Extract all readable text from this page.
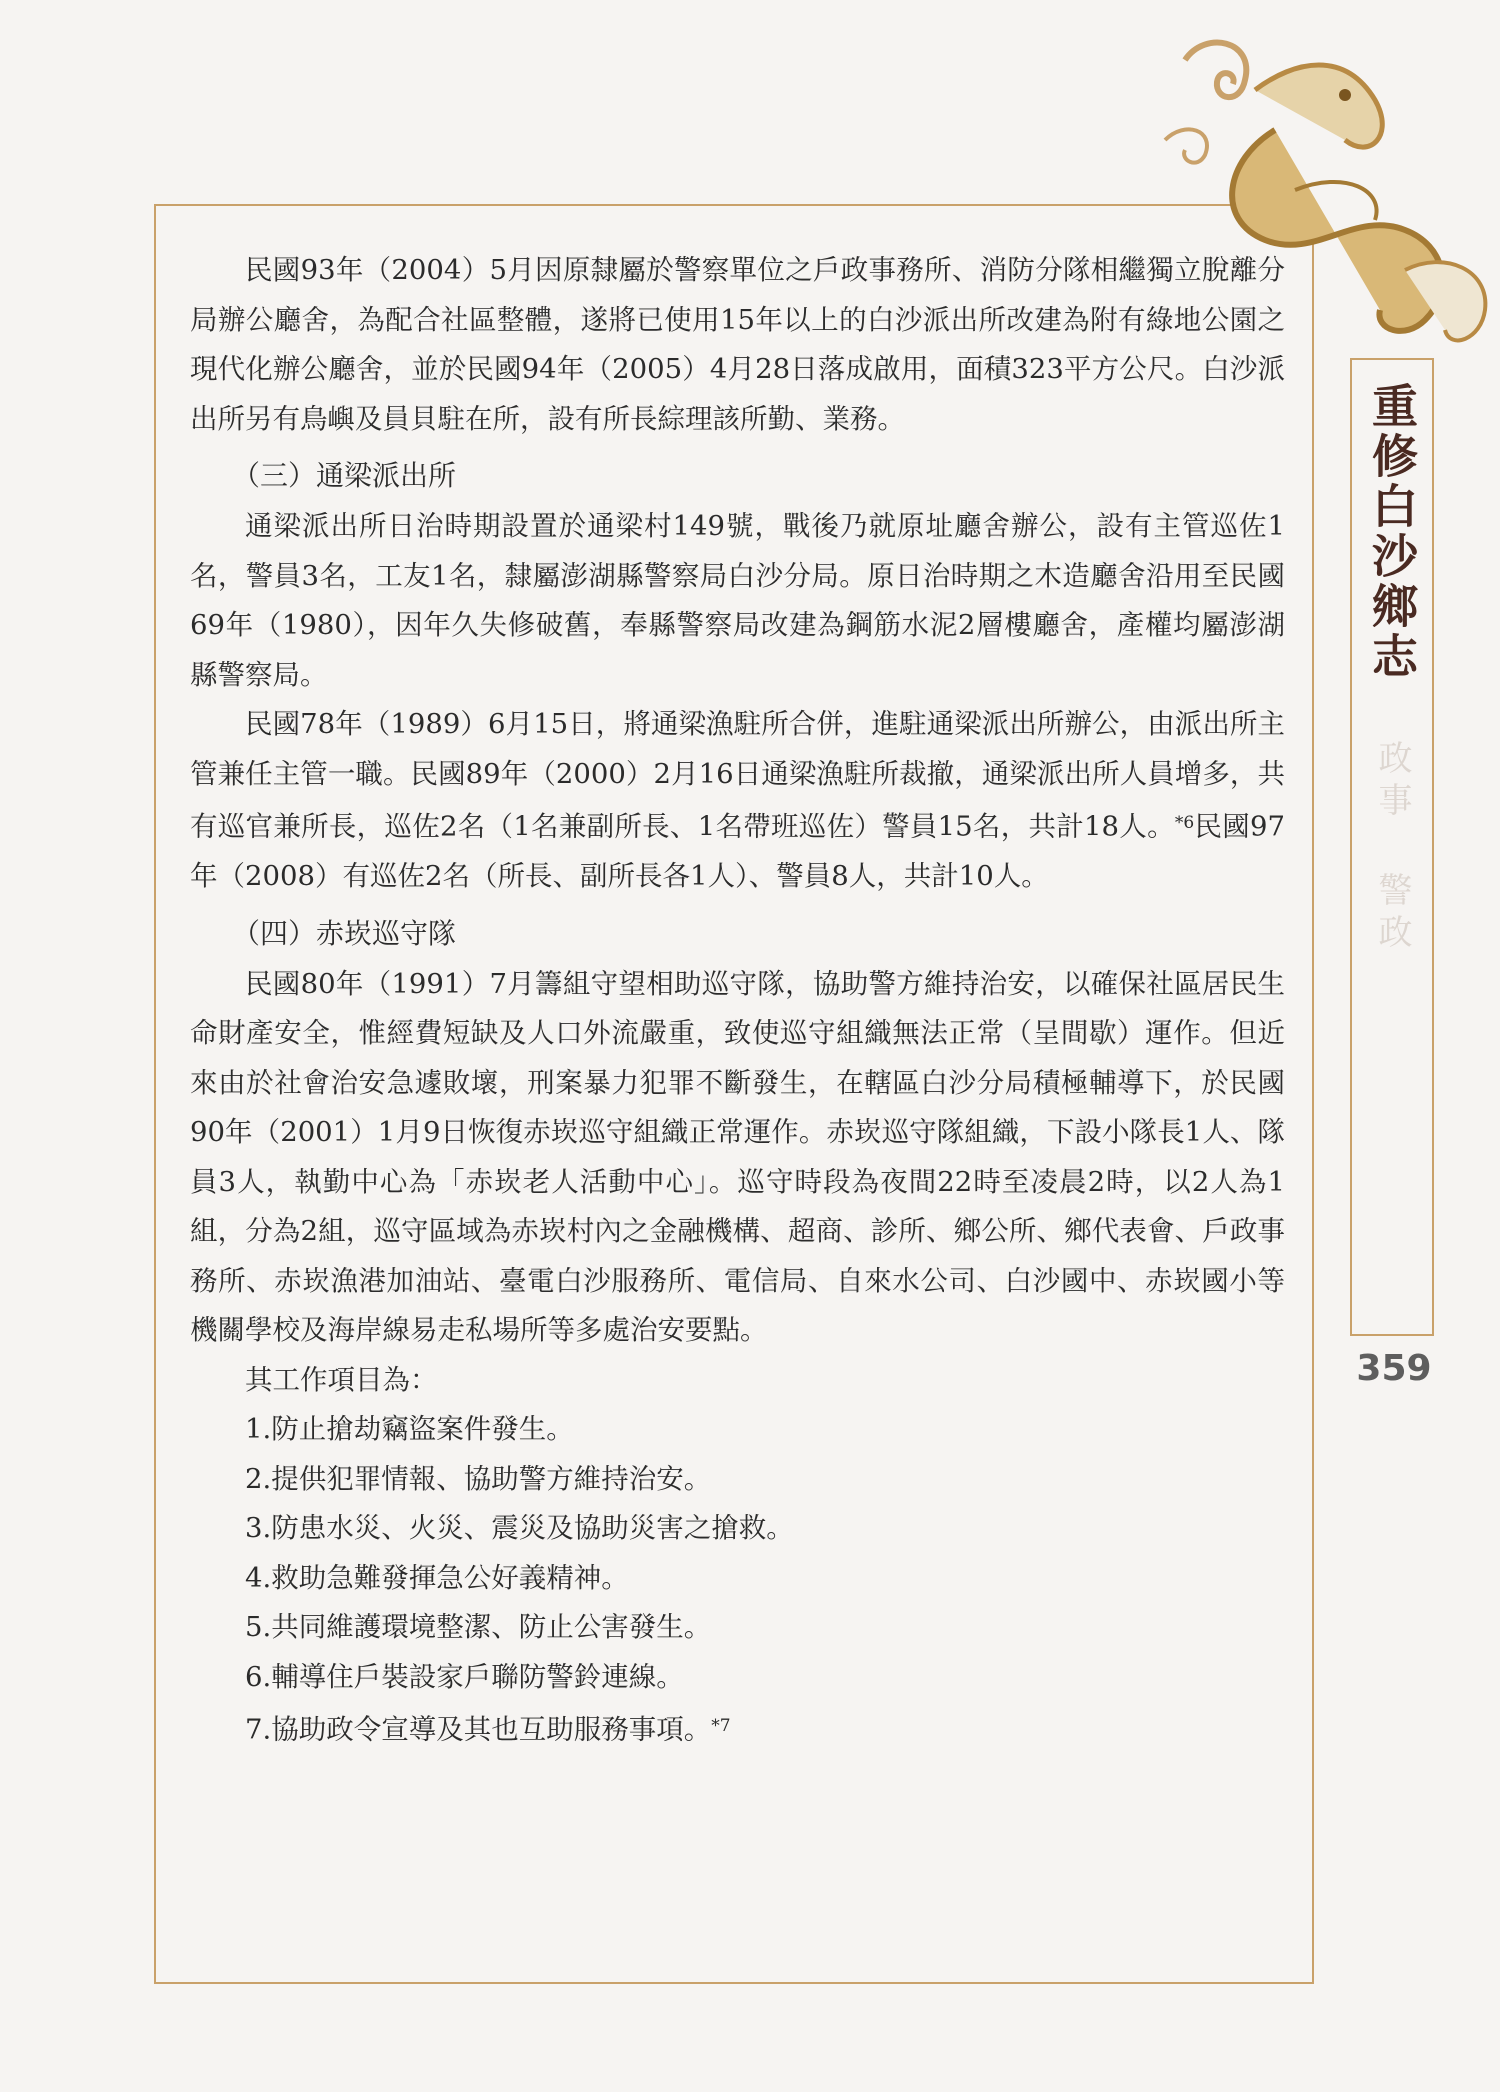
重修白沙鄉志
政事 警政
359

民國93年（2004）5月因原隸屬於警察單位之戶政事務所、消防分隊相繼獨立脫離分局辦公廳舍，為配合社區整體，遂將已使用15年以上的白沙派出所改建為附有綠地公園之現代化辦公廳舍，並於民國94年（2005）4月28日落成啟用，面積323平方公尺。白沙派出所另有鳥嶼及員貝駐在所，設有所長綜理該所勤、業務。

（三）通梁派出所

通梁派出所日治時期設置於通梁村149號，戰後乃就原址廳舍辦公，設有主管巡佐1名，警員3名，工友1名，隸屬澎湖縣警察局白沙分局。原日治時期之木造廳舍沿用至民國69年（1980），因年久失修破舊，奉縣警察局改建為鋼筋水泥2層樓廳舍，產權均屬澎湖縣警察局。

民國78年（1989）6月15日，將通梁漁駐所合併，進駐通梁派出所辦公，由派出所主管兼任主管一職。民國89年（2000）2月16日通梁漁駐所裁撤，通梁派出所人員增多，共有巡官兼所長，巡佐2名（1名兼副所長、1名帶班巡佐）警員15名，共計18人。$^{*6}$民國97年（2008）有巡佐2名（所長、副所長各1人）、警員8人，共計10人。

（四）赤崁巡守隊

民國80年（1991）7月籌組守望相助巡守隊，協助警方維持治安，以確保社區居民生命財產安全，惟經費短缺及人口外流嚴重，致使巡守組織無法正常（呈間歇）運作。但近來由於社會治安急遽敗壞，刑案暴力犯罪不斷發生，在轄區白沙分局積極輔導下，於民國90年（2001）1月9日恢復赤崁巡守組織正常運作。赤崁巡守隊組織，下設小隊長1人、隊員3人，執勤中心為「赤崁老人活動中心」。巡守時段為夜間22時至凌晨2時，以2人為1組，分為2組，巡守區域為赤崁村內之金融機構、超商、診所、鄉公所、鄉代表會、戶政事務所、赤崁漁港加油站、臺電白沙服務所、電信局、自來水公司、白沙國中、赤崁國小等機關學校及海岸線易走私場所等多處治安要點。

其工作項目為：

1.防止搶劫竊盜案件發生。
2.提供犯罪情報、協助警方維持治安。
3.防患水災、火災、震災及協助災害之搶救。
4.救助急難發揮急公好義精神。
5.共同維護環境整潔、防止公害發生。
6.輔導住戶裝設家戶聯防警鈴連線。
7.協助政令宣導及其也互助服務事項。$^{*7}$
